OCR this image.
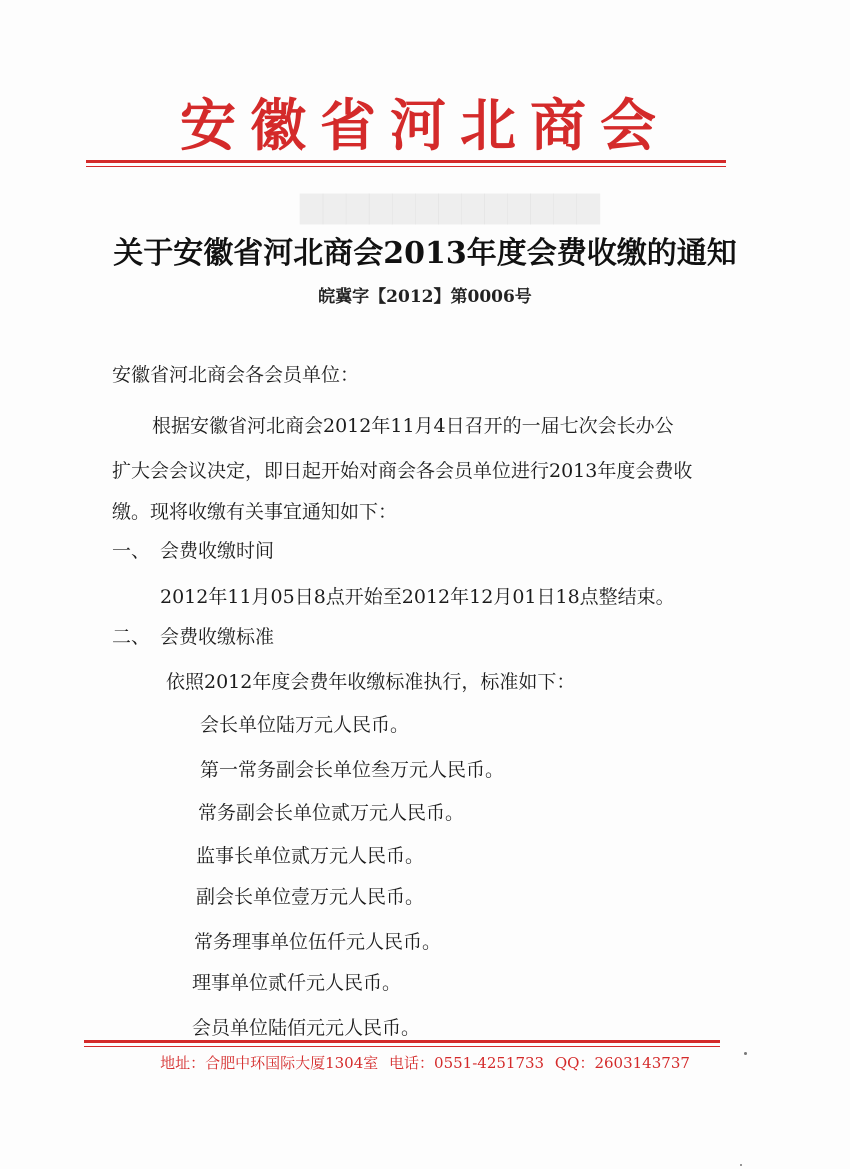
▇▇▇▇▇▇▇▇▇▇▇▇▇
安徽省河北商会
关于安徽省河北商会2013年度会费收缴的通知
皖冀字【2012】第0006号
安徽省河北商会各会员单位：
根据安徽省河北商会2012年11月4日召开的一届七次会长办公
扩大会会议决定，即日起开始对商会各会员单位进行2013年度会费收
缴。现将收缴有关事宜通知如下：
一、 会费收缴时间
2012年11月05日8点开始至2012年12月01日18点整结束。
二、 会费收缴标准
依照2012年度会费年收缴标准执行，标准如下：
会长单位陆万元人民币。
第一常务副会长单位叁万元人民币。
常务副会长单位贰万元人民币。
监事长单位贰万元人民币。
副会长单位壹万元人民币。
常务理事单位伍仟元人民币。
理事单位贰仟元人民币。
会员单位陆佰元元人民币。
地址：合肥中环国际大厦1304室 电话：0551-4251733 QQ：2603143737
